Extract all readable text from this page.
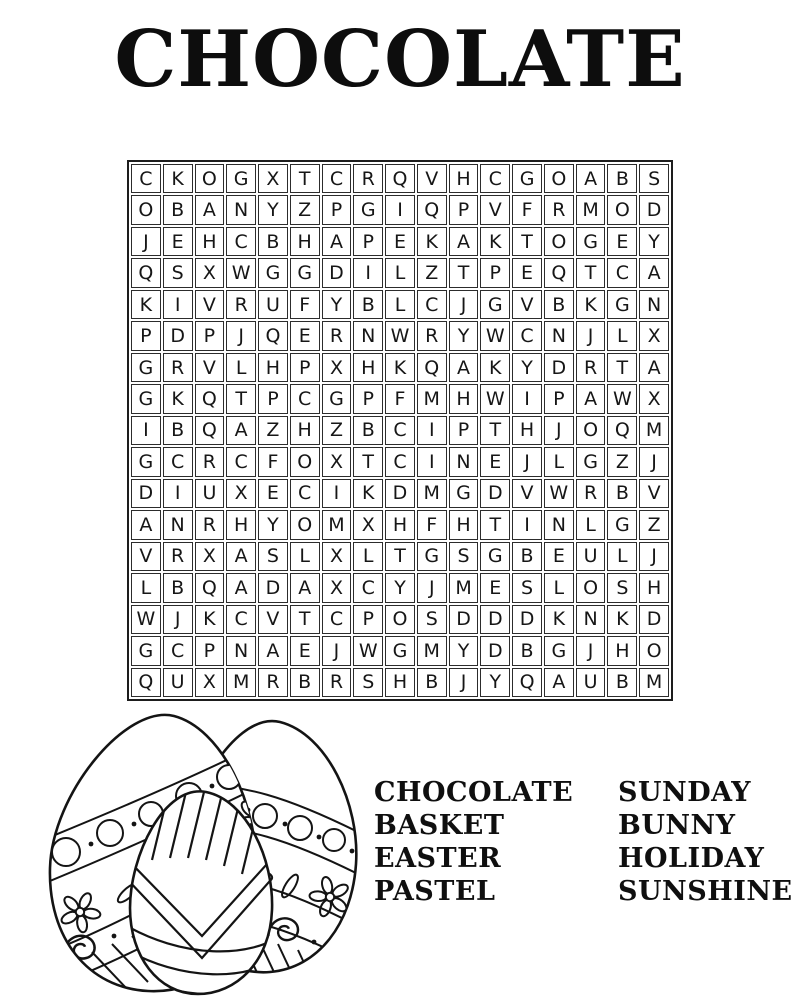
CHOCOLATE
C K O G X	T	C R Q V H C G O A B	S
O B A N Y	Z	P G	I	Q P	V	F	R M O D
J	E H C B H A	P	E	K	A	K	T O G E	Y
Q S	X W G G D	I	L	Z	T	P	E Q T	C A
K	I	V R U	F	Y	B	L	C	J	G V B	K G N
P D P	J	Q E	R N W R	Y W C N	J	L	X
G R V	L	H P	X H K Q A	K	Y D R	T	A
G K Q T	P	C G P	F M H W	I	P	A W X
I	B Q A Z H Z B C	I	P	T H	J	O Q M
G C R C	F O X	T	C	I	N E	J	L	G Z	J
D	I	U X	E	C	I	K D M G D V W R B V
A N R H Y O M X H	F	H T	I	N	L	G Z
V R X A	S	L	X	L	T G S G B	E U	L	J
L	B Q A D A X C	Y	J	M E	S	L O S H
W	J	K C V	T	C	P O S D D D K N K D
G C	P N A	E	J	W G M Y D B G	J	H O
Q U X M R B R	S H B	J	Y Q A U B M
CHOCOLATE
BASKET
EASTER
PASTEL
SUNDAY
BUNNY
HOLIDAY
SUNSHINE
